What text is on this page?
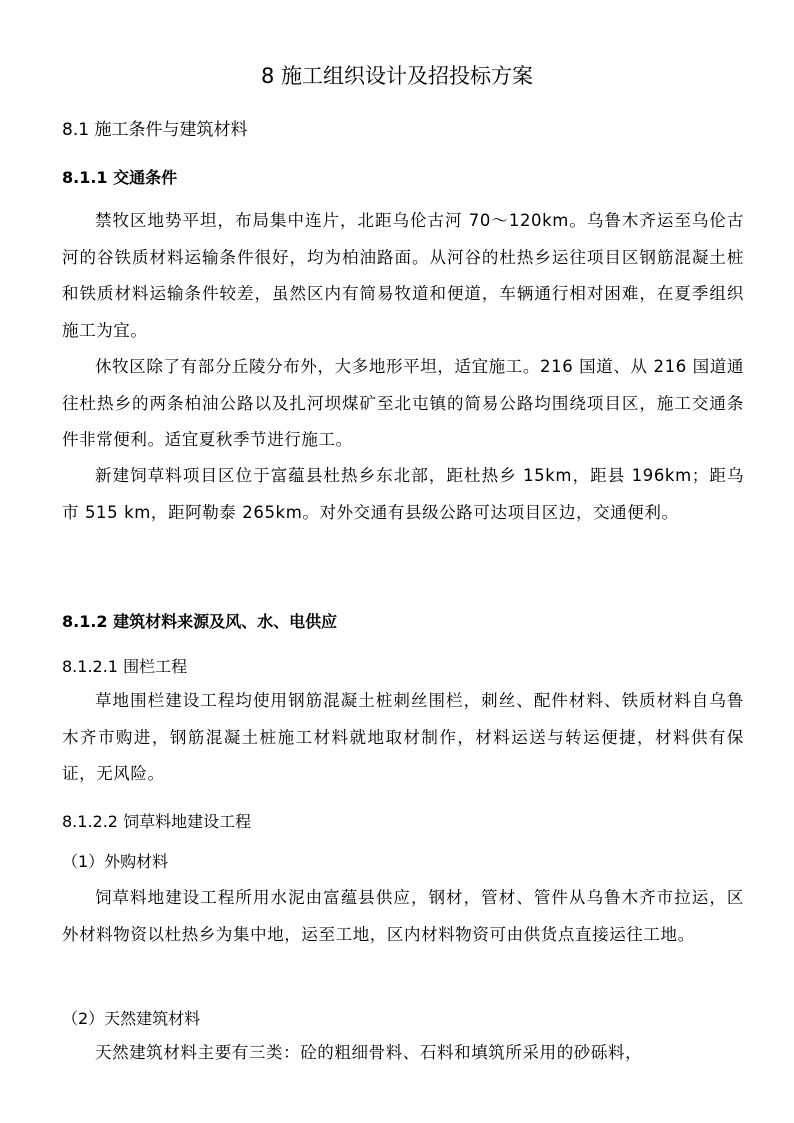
8 施工组织设计及招投标方案
8.1 施工条件与建筑材料
8.1.1 交通条件

禁牧区地势平坦，布局集中连片，北距乌伦古河 70～120km。乌鲁木齐运至乌伦古河的谷铁质材料运输条件很好，均为柏油路面。从河谷的杜热乡运往项目区钢筋混凝土桩和铁质材料运输条件较差，虽然区内有简易牧道和便道，车辆通行相对困难，在夏季组织施工为宜。

休牧区除了有部分丘陵分布外，大多地形平坦，适宜施工。216 国道、从 216 国道通往杜热乡的两条柏油公路以及扎河坝煤矿至北屯镇的简易公路均围绕项目区，施工交通条件非常便利。适宜夏秋季节进行施工。

新建饲草料项目区位于富蕴县杜热乡东北部，距杜热乡 15km，距县 196km；距乌市 515 km，距阿勒泰 265km。对外交通有县级公路可达项目区边，交通便利。

8.1.2 建筑材料来源及风、水、电供应
8.1.2.1 围栏工程

草地围栏建设工程均使用钢筋混凝土桩刺丝围栏，刺丝、配件材料、铁质材料自乌鲁木齐市购进，钢筋混凝土桩施工材料就地取材制作，材料运送与转运便捷，材料供有保证，无风险。

8.1.2.2 饲草料地建设工程
（1）外购材料

饲草料地建设工程所用水泥由富蕴县供应，钢材，管材、管件从乌鲁木齐市拉运，区外材料物资以杜热乡为集中地，运至工地，区内材料物资可由供货点直接运往工地。

（2）天然建筑材料

天然建筑材料主要有三类：砼的粗细骨料、石料和填筑所采用的砂砾料，
